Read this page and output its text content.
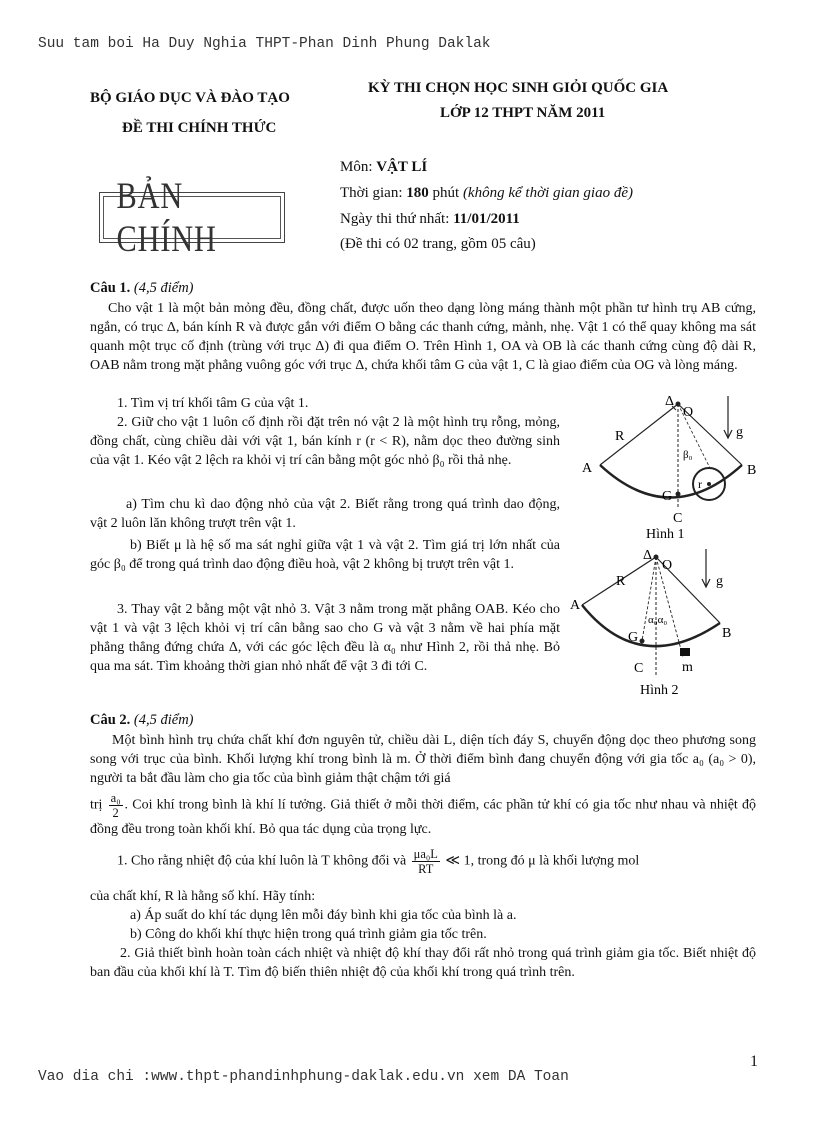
Suu tam boi Ha Duy Nghia THPT-Phan Dinh Phung Daklak
BỘ GIÁO DỤC VÀ ĐÀO TẠO
ĐỀ THI CHÍNH THỨC
KỲ THI CHỌN HỌC SINH GIỎI QUỐC GIA
LỚP 12 THPT NĂM 2011
BẢN CHÍNH
Môn: VẬT LÍ
Thời gian: 180 phút (không kể thời gian giao đề)
Ngày thi thứ nhất: 11/01/2011
(Đề thi có 02 trang, gồm 05 câu)
Câu 1. (4,5 điểm)
Cho vật 1 là một bản mỏng đều, đồng chất, được uốn theo dạng lòng máng thành một phần tư hình trụ AB cứng, ngắn, có trục Δ, bán kính R và được gắn với điểm O bằng các thanh cứng, mảnh, nhẹ. Vật 1 có thể quay không ma sát quanh một trục cố định (trùng với trục Δ) đi qua điểm O. Trên Hình 1, OA và OB là các thanh cứng cùng độ dài R, OAB nằm trong mặt phẳng vuông góc với trục Δ, chứa khối tâm G của vật 1, C là giao điểm của OG và lòng máng.
1. Tìm vị trí khối tâm G của vật 1.
2. Giữ cho vật 1 luôn cố định rồi đặt trên nó vật 2 là một hình trụ rỗng, mỏng, đồng chất, cùng chiều dài với vật 1, bán kính r (r < R), nằm dọc theo đường sinh của vật 1. Kéo vật 2 lệch ra khỏi vị trí cân bằng một góc nhỏ β₀ rồi thả nhẹ.
a) Tìm chu kì dao động nhỏ của vật 2. Biết rằng trong quá trình dao động, vật 2 luôn lăn không trượt trên vật 1.
b) Biết μ là hệ số ma sát nghỉ giữa vật 1 và vật 2. Tìm giá trị lớn nhất của góc β₀ để trong quá trình dao động điều hoà, vật 2 không bị trượt trên vật 1.
3. Thay vật 2 bằng một vật nhỏ 3. Vật 3 nằm trong mặt phẳng OAB. Kéo cho vật 1 và vật 3 lệch khỏi vị trí cân bằng sao cho G và vật 3 nằm về hai phía mặt phẳng thẳng đứng chứa Δ, với các góc lệch đều là α₀ như Hình 2, rồi thả nhẹ. Bỏ qua ma sát. Tìm khoảng thời gian nhỏ nhất để vật 3 đi tới C.
Δ
O
R	g
β₀
A	B
G
r
C
Hình 1
Δ
O
R	g
α₀α₀
A
B
G
C	m
Hình 2
Câu 2. (4,5 điểm)
Một bình hình trụ chứa chất khí đơn nguyên tử, chiều dài L, diện tích đáy S, chuyển động dọc theo phương song song với trục của bình. Khối lượng khí trong bình là m. Ở thời điểm bình đang chuyển động với gia tốc a₀ (a₀ > 0), người ta bắt đầu làm cho gia tốc của bình giảm thật chậm tới giá
trị $\frac{\text{a₀}}{2}$ . Coi khí trong bình là khí lí tưởng. Giả thiết ở mỗi thời điểm, các phần tử khí có gia tốc như nhau và nhiệt độ đồng đều trong toàn khối khí. Bỏ qua tác dụng của trọng lực.
1. Cho rằng nhiệt độ của khí luôn là T không đổi và $\frac{\text{μa₀L}}{RT}$ ≪ 1, trong đó μ là khối lượng mol
của chất khí, R là hằng số khí. Hãy tính:
a) Áp suất do khí tác dụng lên mỗi đáy bình khi gia tốc của bình là a.
b) Công do khối khí thực hiện trong quá trình giảm gia tốc trên.
2. Giả thiết bình hoàn toàn cách nhiệt và nhiệt độ khí thay đổi rất nhỏ trong quá trình giảm gia tốc. Biết nhiệt độ ban đầu của khối khí là T. Tìm độ biến thiên nhiệt độ của khối khí trong quá trình trên.
1
Vao dia chi :www.thpt-phandinhphung-daklak.edu.vn xem DA Toan
